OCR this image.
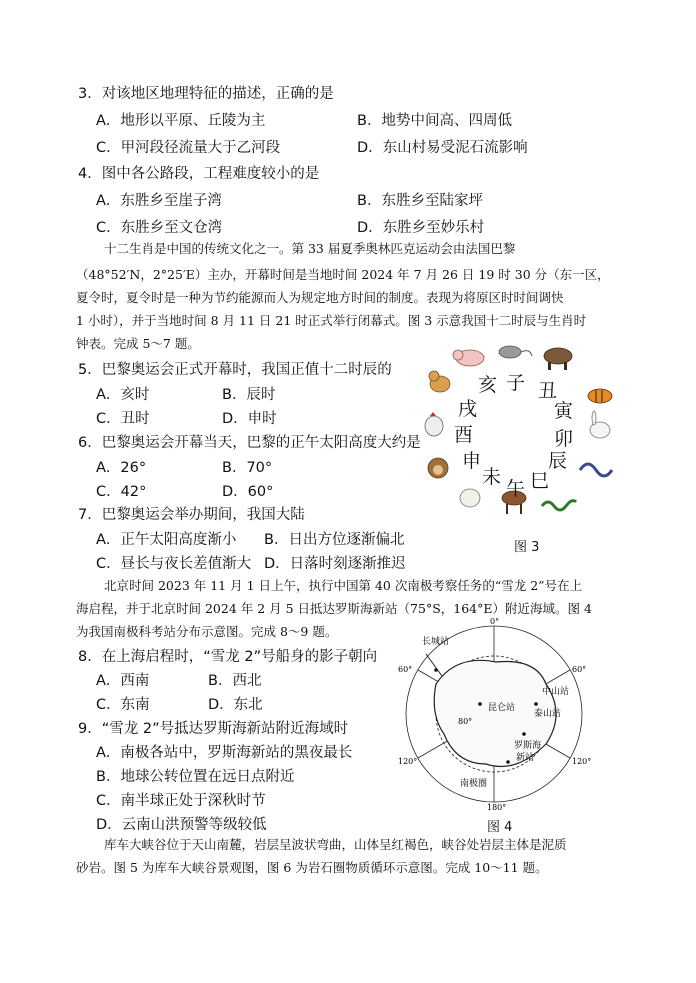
3．对该地区地理特征的描述，正确的是
A．地形以平原、丘陵为主	B．地势中间高、四周低
C．甲河段径流量大于乙河段	D．东山村易受泥石流影响
4．图中各公路段，工程难度较小的是
A．东胜乡至崖子湾	B．东胜乡至陆家坪
C．东胜乡至文仓湾	D．东胜乡至妙乐村
十二生肖是中国的传统文化之一。第 33 届夏季奥林匹克运动会由法国巴黎
（48°52′N，2°25′E）主办，开幕时间是当地时间 2024 年 7 月 26 日 19 时 30 分（东一区，
夏令时，夏令时是一种为节约能源而人为规定地方时间的制度。表现为将原区时时间调快
1 小时），并于当地时间 8 月 11 日 21 时正式举行闭幕式。图 3 示意我国十二时辰与生肖时
钟表。完成 5～7 题。
5．巴黎奥运会正式开幕时，我国正值十二时辰的
A．亥时	B．辰时
C．丑时	D．申时
6．巴黎奥运会开幕当天，巴黎的正午太阳高度大约是
A．26°	B．70°
C．42°	D．60°
7．巴黎奥运会举办期间，我国大陆
A．正午太阳高度渐小 B．日出方位逐渐偏北
C．昼长与夜长差值渐大 D．日落时刻逐渐推迟
亥 子 丑
寅
卯
辰
巳
午
未
申
酉
戌
图 3
北京时间 2023 年 11 月 1 日上午，执行中国第 40 次南极考察任务的“雪龙 2”号在上
海启程，并于北京时间 2024 年 2 月 5 日抵达罗斯海新站（75°S，164°E）附近海域。图 4
为我国南极科考站分布示意图。完成 8～9 题。
8．在上海启程时，“雪龙 2”号船身的影子朝向
A．西南	B．西北
C．东南	D．东北
9．“雪龙 2”号抵达罗斯海新站附近海域时
A．南极各站中，罗斯海新站的黑夜最长
B．地球公转位置在远日点附近
C．南半球正处于深秋时节
D．云南山洪预警等级较低
0°
60°	60°
120°	120°
180°
80°
长城站
中山站
昆仑站
泰山站
罗斯海
新站
南极圈
图 4
库车大峡谷位于天山南麓，岩层呈波状弯曲，山体呈红褐色，峡谷处岩层主体是泥质
砂岩。图 5 为库车大峡谷景观图，图 6 为岩石圈物质循环示意图。完成 10～11 题。
